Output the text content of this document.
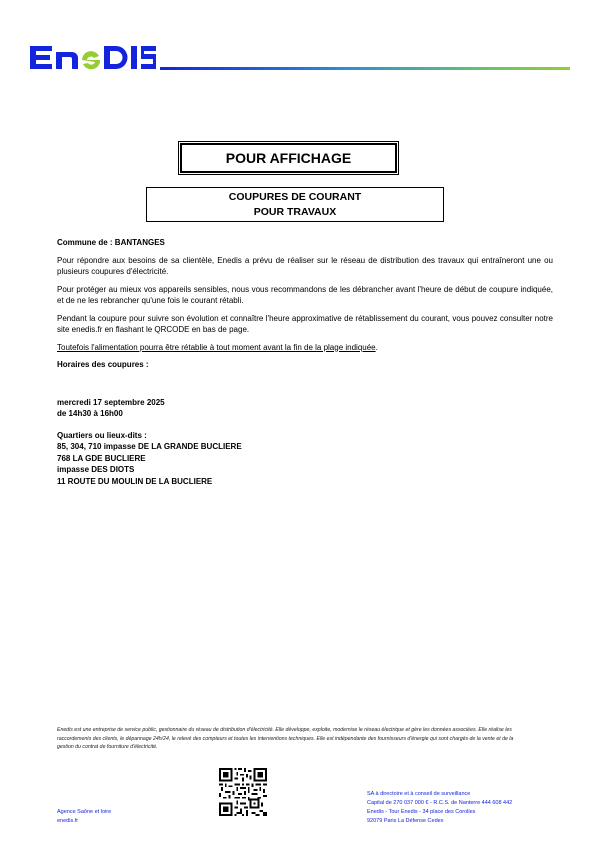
POUR AFFICHAGE
COUPURES DE COURANT
POUR TRAVAUX

Commune de : BANTANGES

Pour répondre aux besoins de sa clientèle, Enedis a prévu de réaliser sur le réseau de distribution des travaux qui entraîneront une ou plusieurs coupures d'électricité.

Pour protéger au mieux vos appareils sensibles, nous vous recommandons de les débrancher avant l'heure de début de coupure indiquée, et de ne les rebrancher qu'une fois le courant rétabli.

Pendant la coupure pour suivre son évolution et connaître l'heure approximative de rétablissement du courant, vous pouvez consulter notre site enedis.fr en flashant le QRCODE en bas de page.

Toutefois l'alimentation pourra être rétablie à tout moment avant la fin de la plage indiquée.

Horaires des coupures :

mercredi 17 septembre 2025
de 14h30 à 16h00
Quartiers ou lieux-dits :
85, 304, 710 impasse DE LA GRANDE BUCLIERE
768 LA GDE BUCLIERE
impasse DES DIOTS
11 ROUTE DU MOULIN DE LA BUCLIERE
Enedis est une entreprise de service public, gestionnaire du réseau de distribution d'électricité. Elle développe, exploite, modernise le réseau électrique et gère les données associées. Elle réalise les raccordements des clients, le dépannage 24h/24, le relevé des compteurs et toutes les interventions techniques. Elle est indépendante des fournisseurs d'énergie qui sont chargés de la vente et de la gestion du contrat de fourniture d'électricité.
Agence Saône et loire
enedis.fr
SA à directoire et à conseil de surveillance
Capital de 270 037 000 € - R.C.S. de Nanterre 444 608 442
Enedis - Tour Enedis - 34 place des Corolles
92079 Paris La Défense Cedex
